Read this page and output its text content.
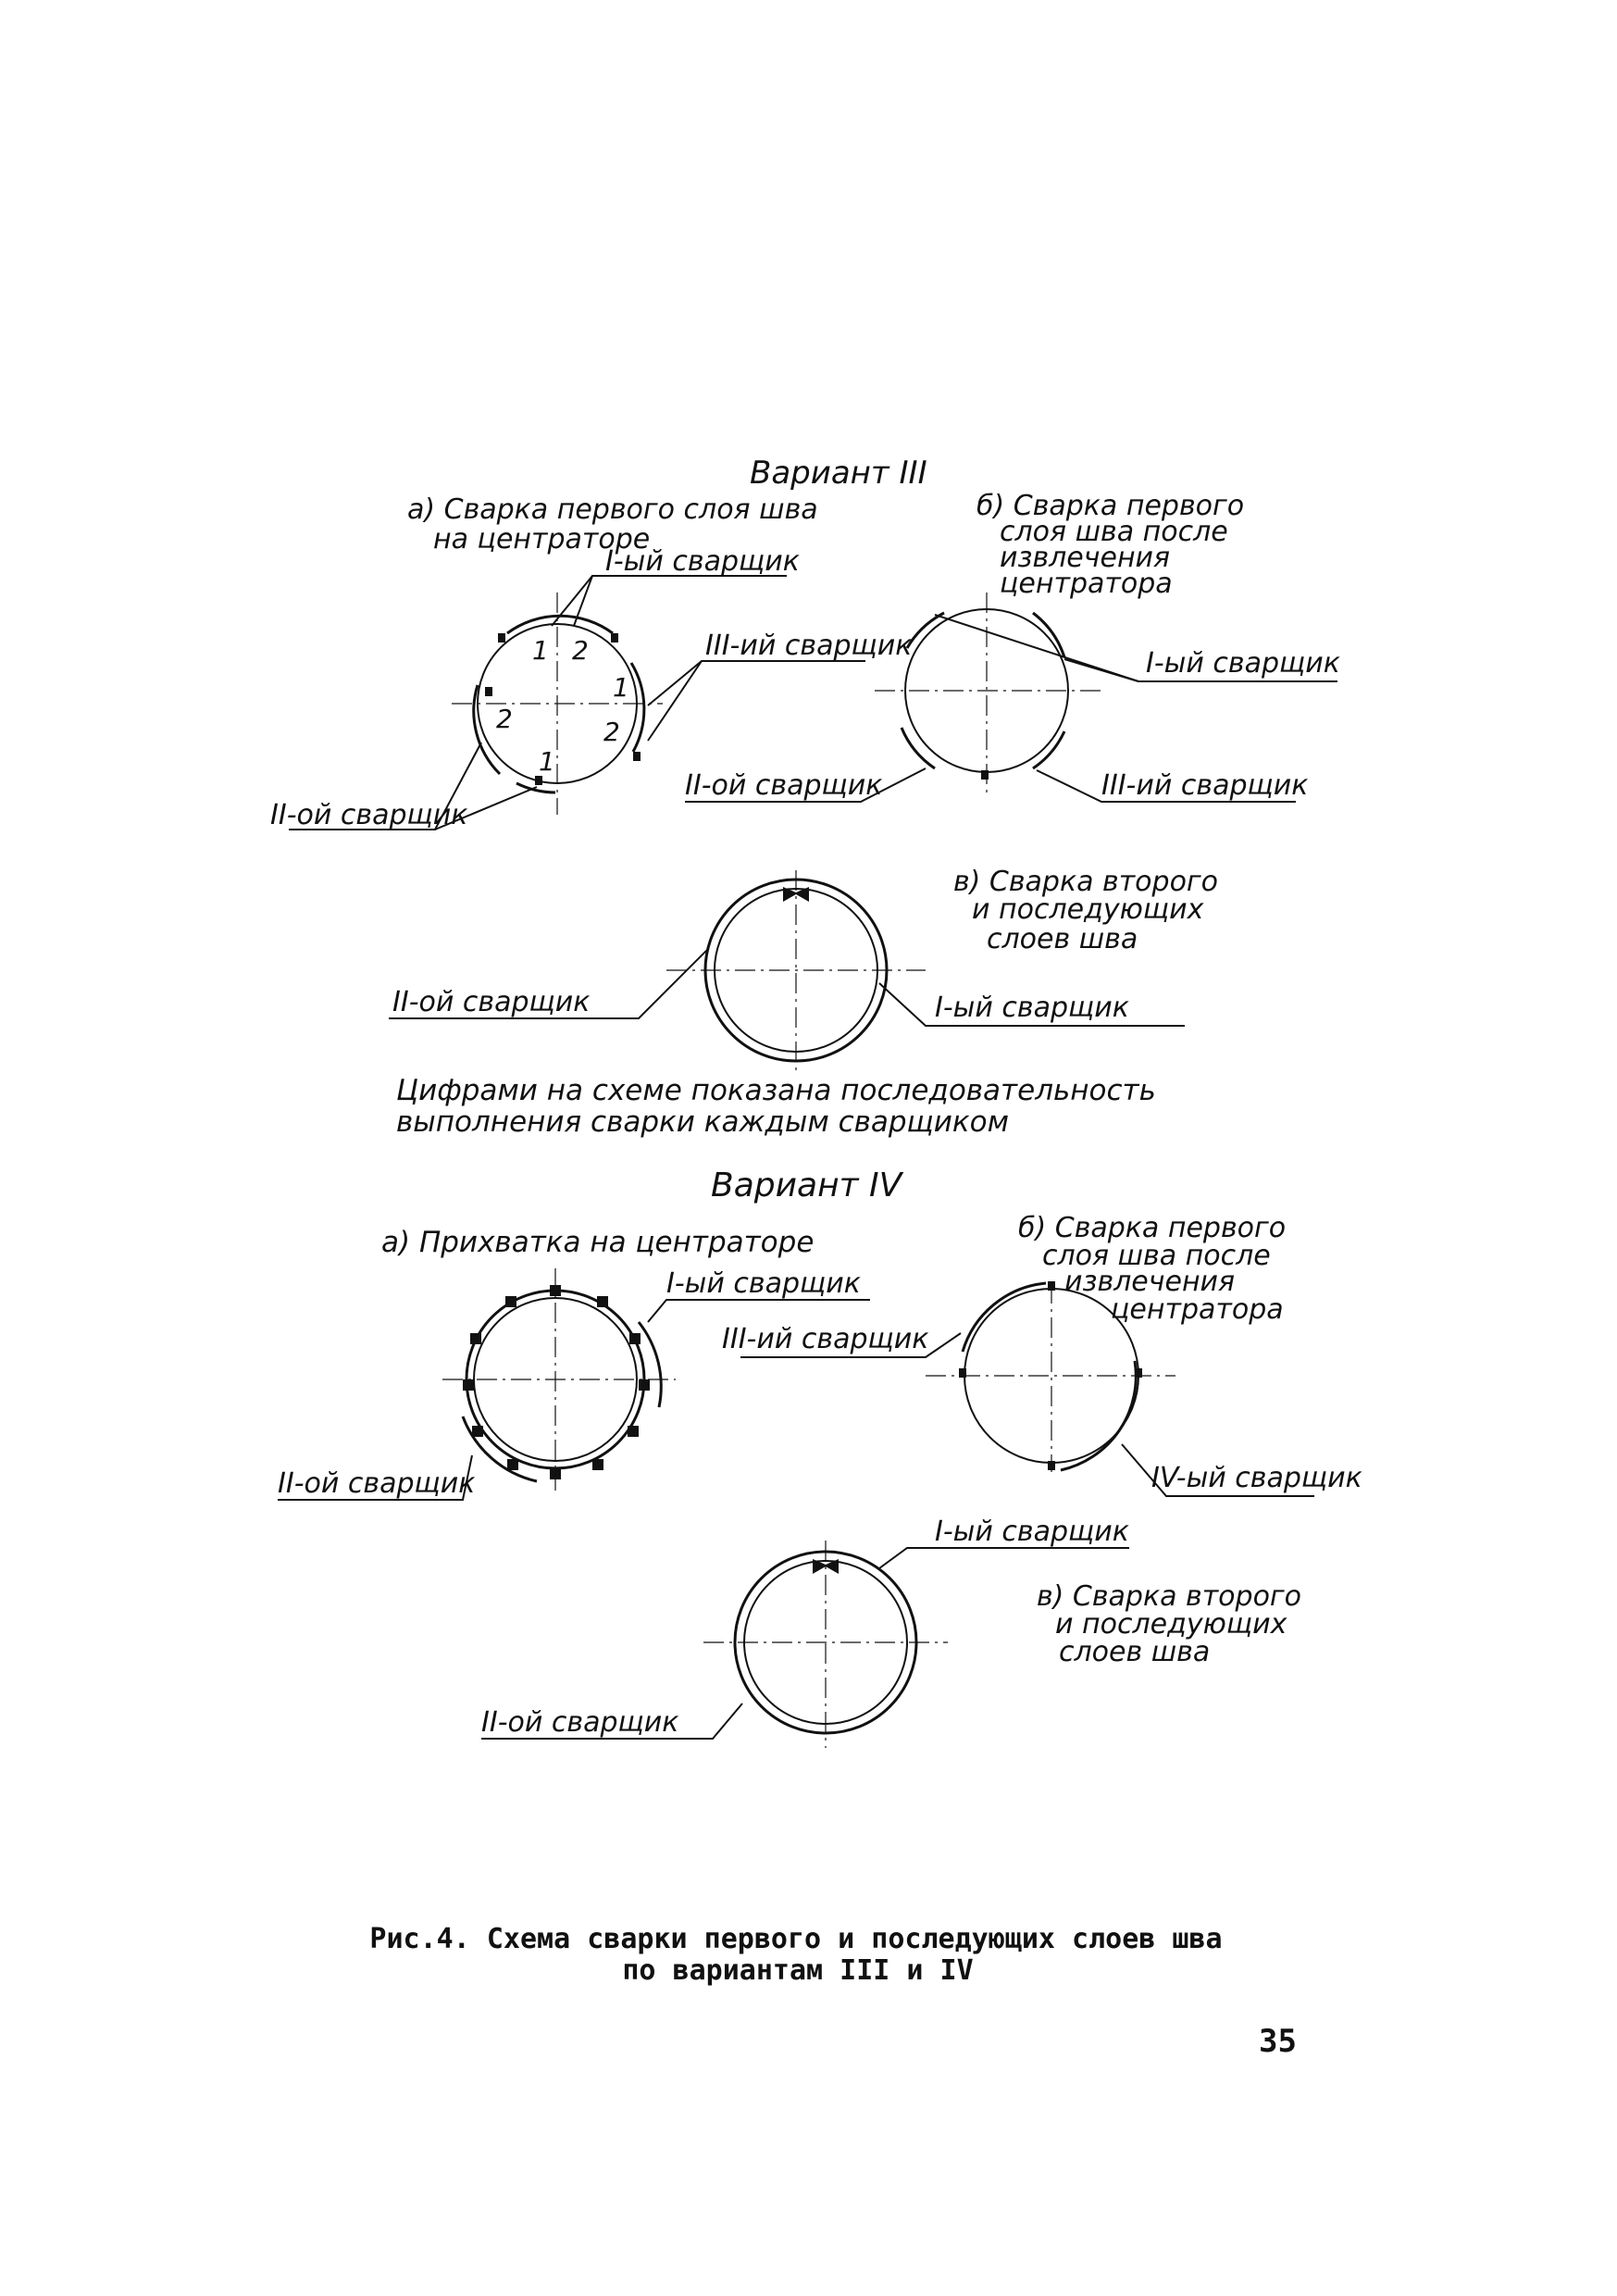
Вариант III
а) Сварка первого слоя шва
на центраторе
1 2
1
2
2
1
I-ый сварщик
III-ий сварщик
II-ой сварщик
б) Сварка первого
слоя шва после
извлечения
центратора
I-ый сварщик
II-ой сварщик	III-ий сварщик
в) Сварка второго
и последующих
слоев шва
II-ой сварщик	I-ый сварщик
Цифрами на схеме показана последовательность
выполнения сварки каждым сварщиком
Вариант IV
а) Прихватка на центраторе
I-ый сварщик
II-ой сварщик
б) Сварка первого
слоя шва после
извлечения
центратора
III-ий сварщик
IV-ый сварщик
I-ый сварщик
II-ой сварщик
в) Сварка второго
и последующих
слоев шва
Рис.4. Схема сварки первого и последующих слоев шва
по вариантам III и IV
35
